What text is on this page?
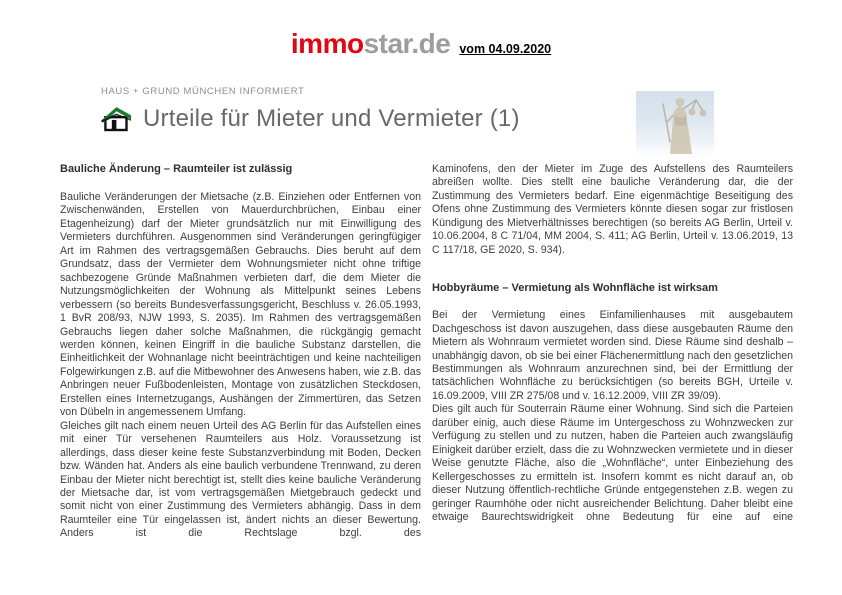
immostar.de vom 04.09.2020
HAUS + GRUND MÜNCHEN INFORMIERT
Urteile für Mieter und Vermieter (1)
Bauliche Änderung – Raumteiler ist zulässig

Bauliche Veränderungen der Mietsache (z.B. Einziehen oder Entfernen von Zwischenwänden, Erstellen von Mauerdurchbrüchen, Einbau einer Etagenheizung) darf der Mieter grundsätzlich nur mit Einwilligung des Vermieters durchführen. Ausgenommen sind Veränderungen geringfügiger Art im Rahmen des vertragsgemäßen Gebrauchs. Dies beruht auf dem Grundsatz, dass der Vermieter dem Wohnungsmieter nicht ohne triftige sachbezogene Gründe Maßnahmen verbieten darf, die dem Mieter die Nutzungsmöglichkeiten der Wohnung als Mittelpunkt seines Lebens verbessern (so bereits Bundesverfassungsgericht, Beschluss v. 26.05.1993, 1 BvR 208/93, NJW 1993, S. 2035). Im Rahmen des vertragsgemäßen Gebrauchs liegen daher solche Maßnahmen, die rückgängig gemacht werden können, keinen Eingriff in die bauliche Substanz darstellen, die Einheitlichkeit der Wohnanlage nicht beeinträchtigen und keine nachteiligen Folgewirkungen z.B. auf die Mitbewohner des Anwesens haben, wie z.B. das Anbringen neuer Fußbodenleisten, Montage von zusätzlichen Steckdosen, Erstellen eines Internetzugangs, Aushängen der Zimmertüren, das Setzen von Dübeln in angemessenem Umfang.

Gleiches gilt nach einem neuen Urteil des AG Berlin für das Aufstellen eines mit einer Tür versehenen Raumteilers aus Holz. Voraussetzung ist allerdings, dass dieser keine feste Substanzverbindung mit Boden, Decken bzw. Wänden hat. Anders als eine baulich verbundene Trennwand, zu deren Einbau der Mieter nicht berechtigt ist, stellt dies keine bauliche Veränderung der Mietsache dar, ist vom vertragsgemäßen Mietgebrauch gedeckt und somit nicht von einer Zustimmung des Vermieters abhängig. Dass in dem Raumteiler eine Tür eingelassen ist, ändert nichts an dieser Bewertung. Anders ist die Rechtslage bzgl. des

Kaminofens, den der Mieter im Zuge des Aufstellens des Raumteilers abreißen wollte. Dies stellt eine bauliche Veränderung dar, die der Zustimmung des Vermieters bedarf. Eine eigenmächtige Beseitigung des Ofens ohne Zustimmung des Vermieters könnte diesen sogar zur fristlosen Kündigung des Mietverhältnisses berechtigen (so bereits AG Berlin, Urteil v. 10.06.2004, 8 C 71/04, MM 2004, S. 411; AG Berlin, Urteil v. 13.06.2019, 13 C 117/18, GE 2020, S. 934).

Hobbyräume – Vermietung als Wohnfläche ist wirksam

Bei der Vermietung eines Einfamilienhauses mit ausgebautem Dachgeschoss ist davon auszugehen, dass diese ausgebauten Räume den Mietern als Wohnraum vermietet worden sind. Diese Räume sind deshalb – unabhängig davon, ob sie bei einer Flächenermittlung nach den gesetzlichen Bestimmungen als Wohnraum anzurechnen sind, bei der Ermittlung der tatsächlichen Wohnfläche zu berücksichtigen (so bereits BGH, Urteile v. 16.09.2009, VIII ZR 275/08 und v. 16.12.2009, VIII ZR 39/09).

Dies gilt auch für Souterrain Räume einer Wohnung. Sind sich die Parteien darüber einig, auch diese Räume im Untergeschoss zu Wohnzwecken zur Verfügung zu stellen und zu nutzen, haben die Parteien auch zwangsläufig Einigkeit darüber erzielt, dass die zu Wohnzwecken vermietete und in dieser Weise genutzte Fläche, also die „Wohnfläche“, unter Einbeziehung des Kellergeschosses zu ermitteln ist. Insofern kommt es nicht darauf an, ob dieser Nutzung öffentlich-rechtliche Gründe entgegenstehen z.B. wegen zu geringer Raumhöhe oder nicht ausreichender Belichtung. Daher bleibt eine etwaige Baurechtswidrigkeit ohne Bedeutung für eine auf eine
